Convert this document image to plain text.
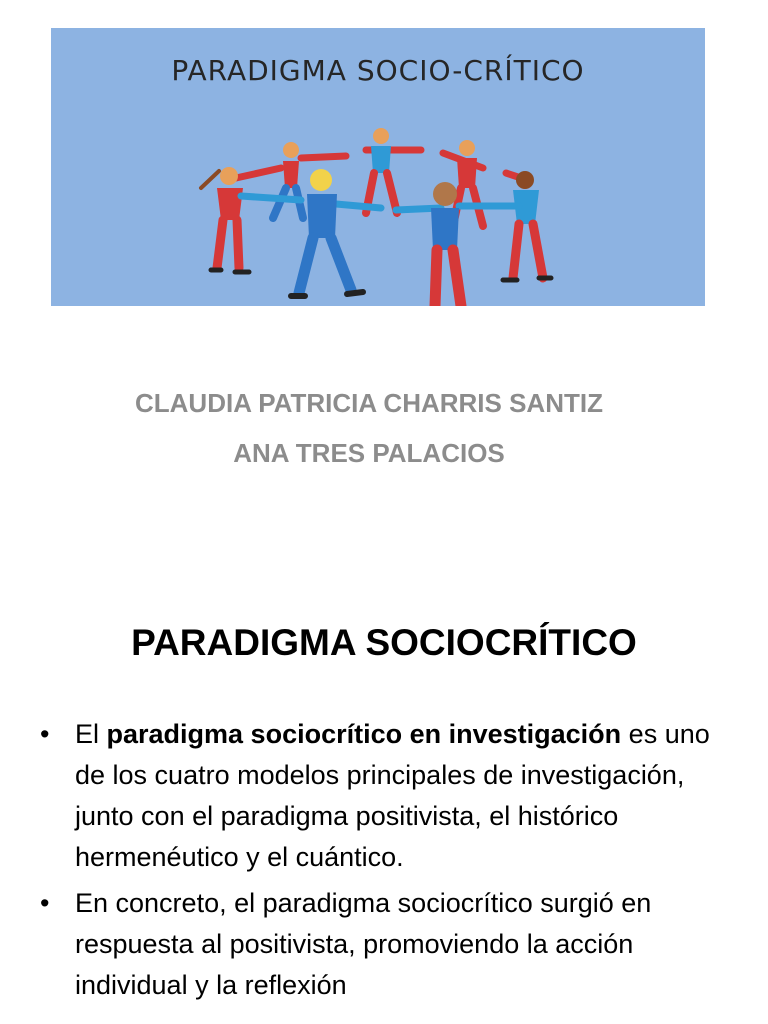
PARADIGMA SOCIO-CRÍTICO
CLAUDIA PATRICIA CHARRIS SANTIZ
ANA TRES PALACIOS
PARADIGMA SOCIOCRÍTICO
• El paradigma sociocrítico en investigación es uno de los cuatro modelos principales de investigación, junto con el paradigma positivista, el histórico hermenéutico y el cuántico.
• En concreto, el paradigma sociocrítico surgió en respuesta al positivista, promoviendo la acción individual y la reflexión
